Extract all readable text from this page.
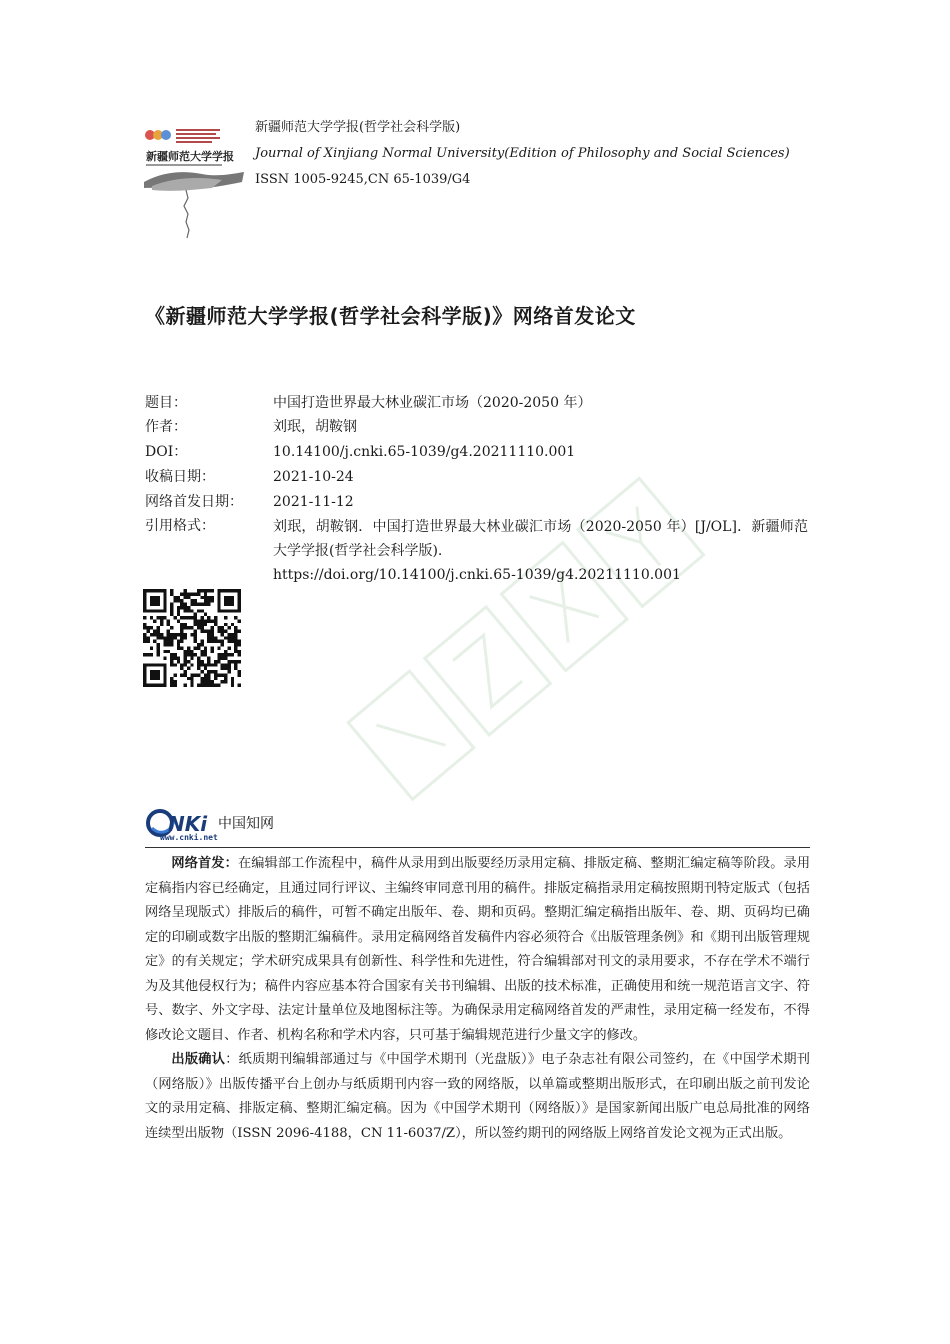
新疆师范大学学报
新疆师范大学学报(哲学社会科学版)
Journal of Xinjiang Normal University(Edition of Philosophy and Social Sciences)
ISSN 1005-9245,CN 65-1039/G4
《新疆师范大学学报(哲学社会科学版)》网络首发论文
题目：	中国打造世界最大林业碳汇市场（2020-2050 年）
作者：	刘珉，胡鞍钢
DOI：	10.14100/j.cnki.65-1039/g4.20211110.001
收稿日期：	2021-10-24
网络首发日期： 2021-11-12
引用格式：	刘珉，胡鞍钢．中国打造世界最大林业碳汇市场（2020-2050 年）[J/OL]．新疆师范大学学报(哲学社会科学版).
https://doi.org/10.14100/j.cnki.65-1039/g4.20211110.001
NKi 中国知网
www.cnki.net

网络首发：在编辑部工作流程中，稿件从录用到出版要经历录用定稿、排版定稿、整期汇编定稿等阶段。录用定稿指内容已经确定，且通过同行评议、主编终审同意刊用的稿件。排版定稿指录用定稿按照期刊特定版式（包括网络呈现版式）排版后的稿件，可暂不确定出版年、卷、期和页码。整期汇编定稿指出版年、卷、期、页码均已确定的印刷或数字出版的整期汇编稿件。录用定稿网络首发稿件内容必须符合《出版管理条例》和《期刊出版管理规定》的有关规定；学术研究成果具有创新性、科学性和先进性，符合编辑部对刊文的录用要求，不存在学术不端行为及其他侵权行为；稿件内容应基本符合国家有关书刊编辑、出版的技术标准，正确使用和统一规范语言文字、符号、数字、外文字母、法定计量单位及地图标注等。为确保录用定稿网络首发的严肃性，录用定稿一经发布，不得修改论文题目、作者、机构名称和学术内容，只可基于编辑规范进行少量文字的修改。

出版确认：纸质期刊编辑部通过与《中国学术期刊（光盘版）》电子杂志社有限公司签约，在《中国学术期刊（网络版）》出版传播平台上创办与纸质期刊内容一致的网络版，以单篇或整期出版形式，在印刷出版之前刊发论文的录用定稿、排版定稿、整期汇编定稿。因为《中国学术期刊（网络版）》是国家新闻出版广电总局批准的网络连续型出版物（ISSN 2096-4188，CN 11-6037/Z），所以签约期刊的网络版上网络首发论文视为正式出版。
